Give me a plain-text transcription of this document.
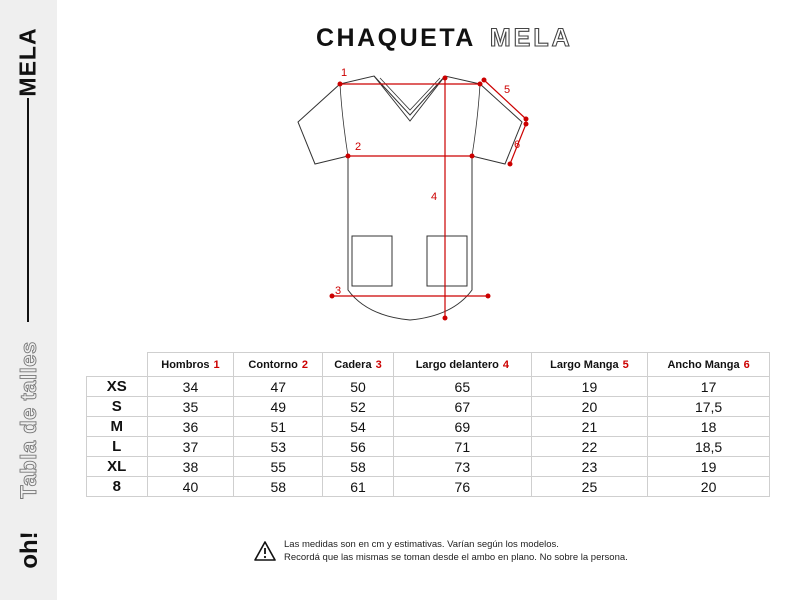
MELA
Tabla de talles
oh!
CHAQUETA MELA
1
2
3
4
5
6
	Hombros 1	Contorno 2	Cadera 3	Largo delantero 4	Largo Manga 5	Ancho Manga 6
XS	34	47	50	65	19	17
S	35	49	52	67	20	17,5
M	36	51	54	69	21	18
L	37	53	56	71	22	18,5
XL	38	55	58	73	23	19
8	40	58	61	76	25	20
Las medidas son en cm y estimativas. Varían según los modelos.
Recordá que las mismas se toman desde el ambo en plano. No sobre la persona.
